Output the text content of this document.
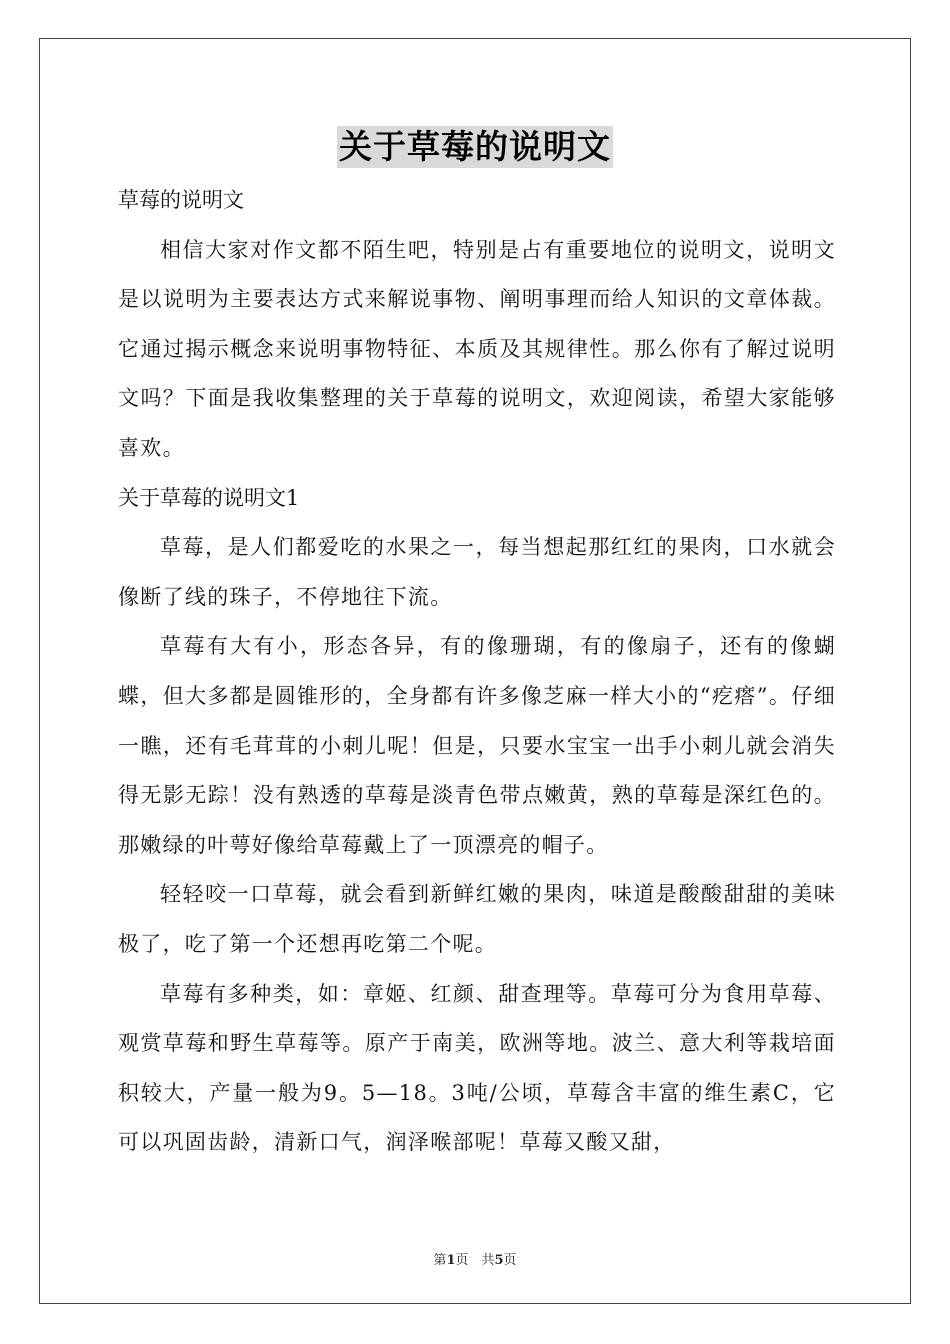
关于草莓的说明文

草莓的说明文

相信大家对作文都不陌生吧，特别是占有重要地位的说明文，说明文是以说明为主要表达方式来解说事物、阐明事理而给人知识的文章体裁。它通过揭示概念来说明事物特征、本质及其规律性。那么你有了解过说明文吗？下面是我收集整理的关于草莓的说明文，欢迎阅读，希望大家能够喜欢。

关于草莓的说明文1

草莓，是人们都爱吃的水果之一，每当想起那红红的果肉，口水就会像断了线的珠子，不停地往下流。

草莓有大有小，形态各异，有的像珊瑚，有的像扇子，还有的像蝴蝶，但大多都是圆锥形的，全身都有许多像芝麻一样大小的“疙瘩”。仔细一瞧，还有毛茸茸的小刺儿呢！但是，只要水宝宝一出手小刺儿就会消失得无影无踪！没有熟透的草莓是淡青色带点嫩黄，熟的草莓是深红色的。那嫩绿的叶萼好像给草莓戴上了一顶漂亮的帽子。

轻轻咬一口草莓，就会看到新鲜红嫩的果肉，味道是酸酸甜甜的美味极了，吃了第一个还想再吃第二个呢。

草莓有多种类，如：章姬、红颜、甜查理等。草莓可分为食用草莓、观赏草莓和野生草莓等。原产于南美，欧洲等地。波兰、意大利等栽培面积较大，产量一般为9。5—18。3吨/公顷，草莓含丰富的维生素C，它可以巩固齿龄，清新口气，润泽喉部呢！草莓又酸又甜，

第1页　共5页
